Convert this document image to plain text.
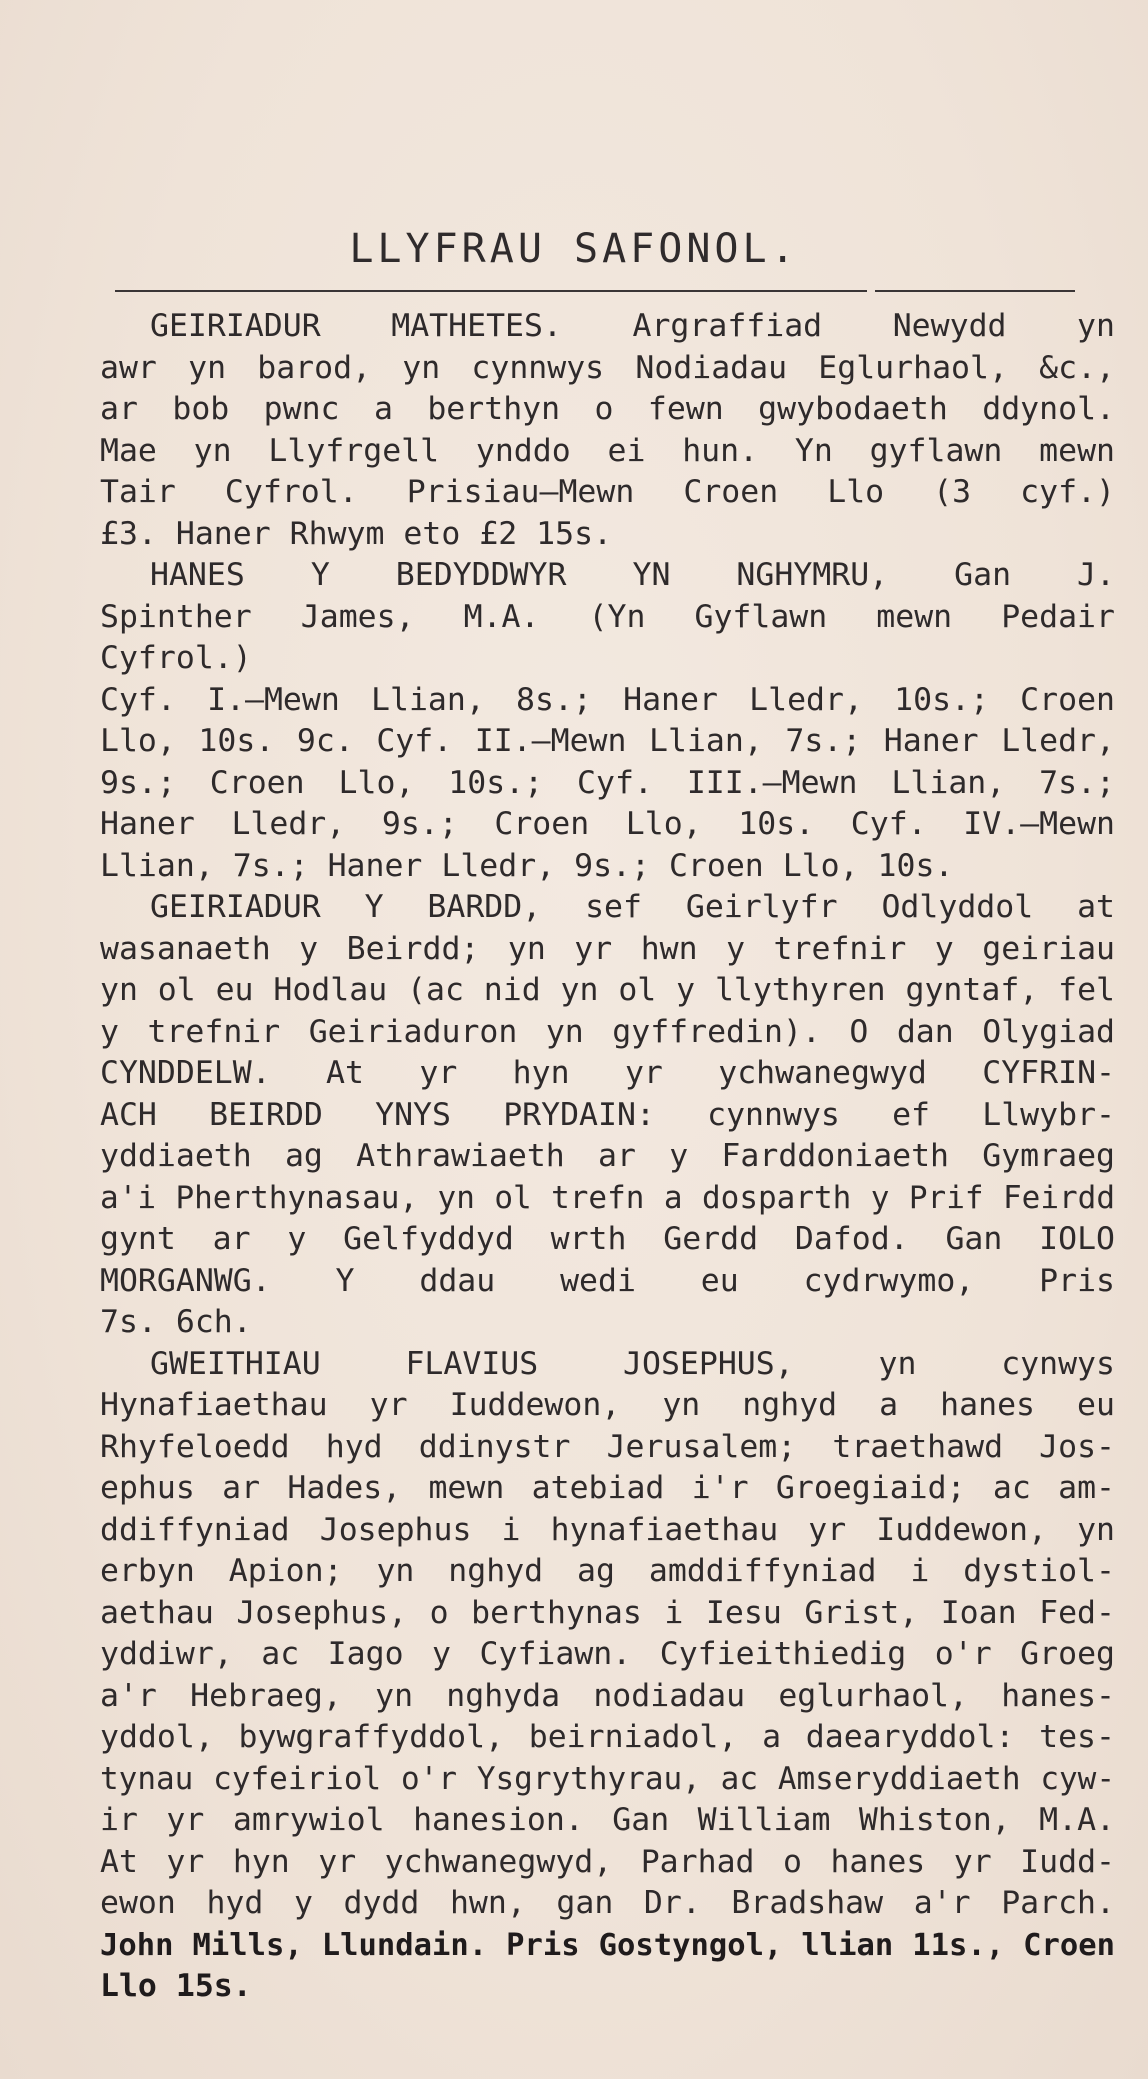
LLYFRAU SAFONOL.
GEIRIADUR MATHETES. Argraffiad Newydd yn
awr yn barod, yn cynnwys Nodiadau Eglurhaol, &c.,
ar bob pwnc a berthyn o fewn gwybodaeth ddynol.
Mae yn Llyfrgell ynddo ei hun. Yn gyflawn mewn
Tair Cyfrol. Prisiau—Mewn Croen Llo (3 cyf.)
£3. Haner Rhwym eto £2 15s.
HANES Y BEDYDDWYR YN NGHYMRU, Gan J.
Spinther James, M.A. (Yn Gyflawn mewn Pedair
Cyfrol.)
Cyf. I.—Mewn Llian, 8s.; Haner Lledr, 10s.; Croen
Llo, 10s. 9c. Cyf. II.—Mewn Llian, 7s.; Haner Lledr,
9s.; Croen Llo, 10s.; Cyf. III.—Mewn Llian, 7s.;
Haner Lledr, 9s.; Croen Llo, 10s. Cyf. IV.—Mewn
Llian, 7s.; Haner Lledr, 9s.; Croen Llo, 10s.
GEIRIADUR Y BARDD, sef Geirlyfr Odlyddol at
wasanaeth y Beirdd; yn yr hwn y trefnir y geiriau
yn ol eu Hodlau (ac nid yn ol y llythyren gyntaf, fel
y trefnir Geiriaduron yn gyffredin). O dan Olygiad
CYNDDELW. At yr hyn yr ychwanegwyd CYFRIN-
ACH BEIRDD YNYS PRYDAIN: cynnwys ef Llwybr-
yddiaeth ag Athrawiaeth ar y Farddoniaeth Gymraeg
a'i Pherthynasau, yn ol trefn a dosparth y Prif Feirdd
gynt ar y Gelfyddyd wrth Gerdd Dafod. Gan IOLO
MORGANWG. Y ddau wedi eu cydrwymo, Pris
7s. 6ch.
GWEITHIAU FLAVIUS JOSEPHUS, yn cynwys
Hynafiaethau yr Iuddewon, yn nghyd a hanes eu
Rhyfeloedd hyd ddinystr Jerusalem; traethawd Jos-
ephus ar Hades, mewn atebiad i'r Groegiaid; ac am-
ddiffyniad Josephus i hynafiaethau yr Iuddewon, yn
erbyn Apion; yn nghyd ag amddiffyniad i dystiol-
aethau Josephus, o berthynas i Iesu Grist, Ioan Fed-
yddiwr, ac Iago y Cyfiawn. Cyfieithiedig o'r Groeg
a'r Hebraeg, yn nghyda nodiadau eglurhaol, hanes-
yddol, bywgraffyddol, beirniadol, a daearyddol: tes-
tynau cyfeiriol o'r Ysgrythyrau, ac Amseryddiaeth cyw-
ir yr amrywiol hanesion. Gan William Whiston, M.A.
At yr hyn yr ychwanegwyd, Parhad o hanes yr Iudd-
ewon hyd y dydd hwn, gan Dr. Bradshaw a'r Parch.
John Mills, Llundain. Pris Gostyngol, llian 11s., Croen
Llo 15s.
